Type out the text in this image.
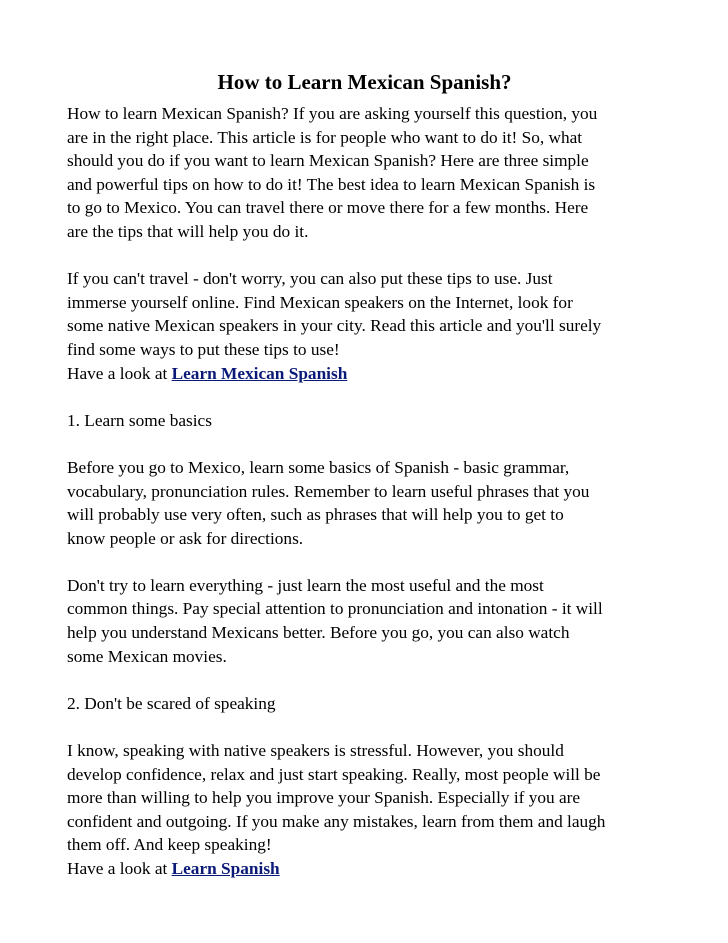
How to Learn Mexican Spanish?

How to learn Mexican Spanish? If you are asking yourself this question, you
are in the right place. This article is for people who want to do it! So, what
should you do if you want to learn Mexican Spanish? Here are three simple
and powerful tips on how to do it! The best idea to learn Mexican Spanish is
to go to Mexico. You can travel there or move there for a few months. Here
are the tips that will help you do it.

If you can't travel - don't worry, you can also put these tips to use. Just
immerse yourself online. Find Mexican speakers on the Internet, look for
some native Mexican speakers in your city. Read this article and you'll surely
find some ways to put these tips to use!
Have a look at Learn Mexican Spanish

1. Learn some basics

Before you go to Mexico, learn some basics of Spanish - basic grammar,
vocabulary, pronunciation rules. Remember to learn useful phrases that you
will probably use very often, such as phrases that will help you to get to
know people or ask for directions.

Don't try to learn everything - just learn the most useful and the most
common things. Pay special attention to pronunciation and intonation - it will
help you understand Mexicans better. Before you go, you can also watch
some Mexican movies.

2. Don't be scared of speaking

I know, speaking with native speakers is stressful. However, you should
develop confidence, relax and just start speaking. Really, most people will be
more than willing to help you improve your Spanish. Especially if you are
confident and outgoing. If you make any mistakes, learn from them and laugh
them off. And keep speaking!
Have a look at Learn Spanish
